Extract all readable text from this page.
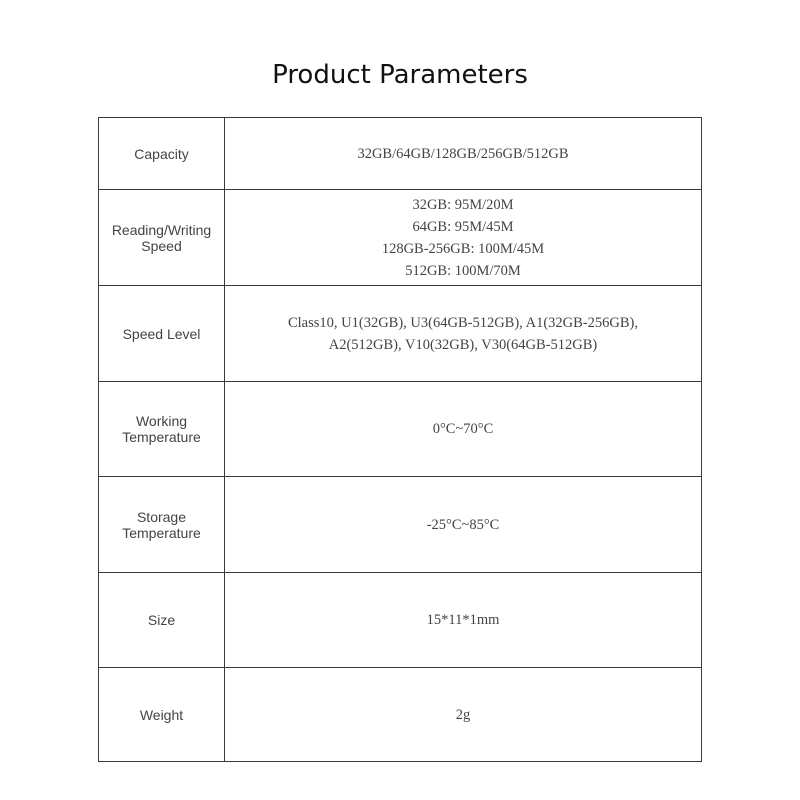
Product Parameters
Capacity	32GB/64GB/128GB/256GB/512GB

Reading/Writing
Speed	32GB: 95M/20M
64GB: 95M/45M
128GB-256GB: 100M/45M
512GB: 100M/70M

Speed Level	Class10, U1(32GB), U3(64GB-512GB), A1(32GB-256GB),
A2(512GB), V10(32GB), V30(64GB-512GB)

Working
Temperature	0°C~70°C

Storage
Temperature	-25°C~85°C

Size	15*11*1mm

Weight	2g
